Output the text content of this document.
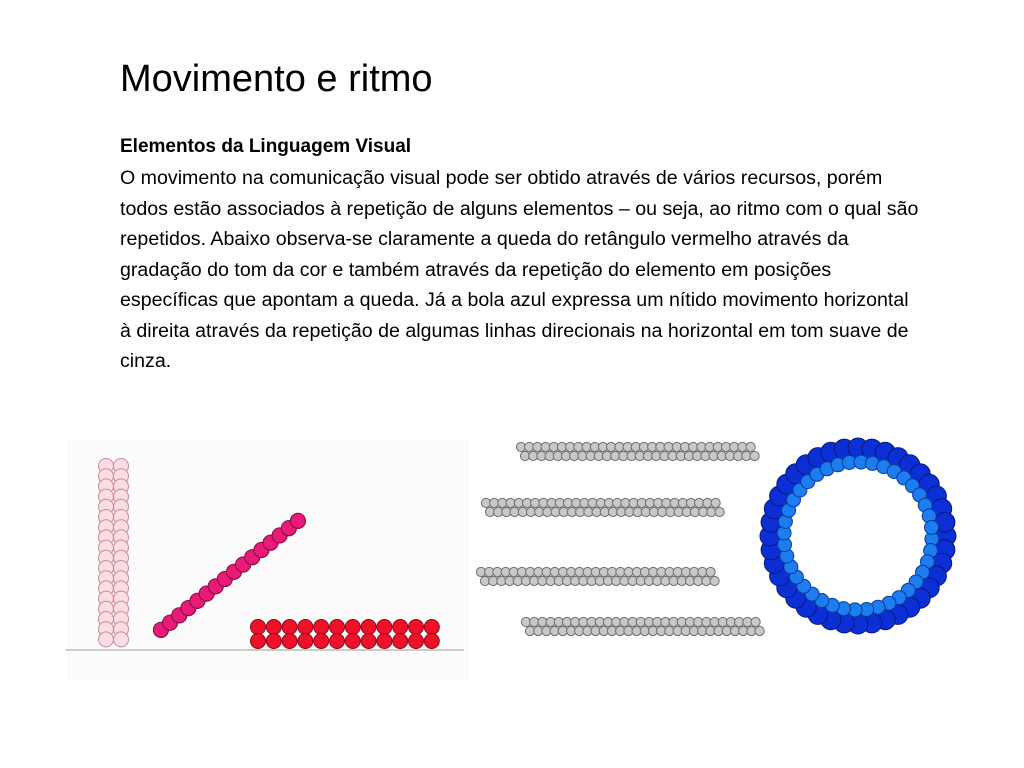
Movimento e ritmo

Elementos da Linguagem Visual

O movimento na comunicação visual pode ser obtido através de vários recursos, porém todos estão associados à repetição de alguns elementos – ou seja, ao ritmo com o qual são repetidos. Abaixo observa-se claramente a queda do retângulo vermelho através da gradação do tom da cor e também através da repetição do elemento em posições específicas que apontam a queda. Já a bola azul expressa um nítido movimento horizontal à direita através da repetição de algumas linhas direcionais na horizontal em tom suave de cinza.
